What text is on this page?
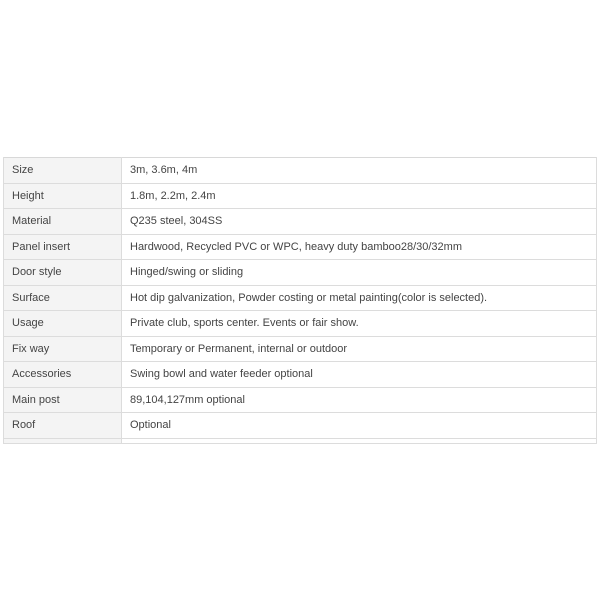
Size	3m, 3.6m, 4m
Height	1.8m, 2.2m, 2.4m
Material	Q235 steel, 304SS
Panel insert	Hardwood, Recycled PVC or WPC, heavy duty bamboo28/30/32mm
Door style	Hinged/swing or sliding
Surface	Hot dip galvanization, Powder costing or metal painting(color is selected).
Usage	Private club, sports center. Events or fair show.
Fix way	Temporary or Permanent, internal or outdoor
Accessories	Swing bowl and water feeder optional
Main post	89,104,127mm optional
Roof	Optional
